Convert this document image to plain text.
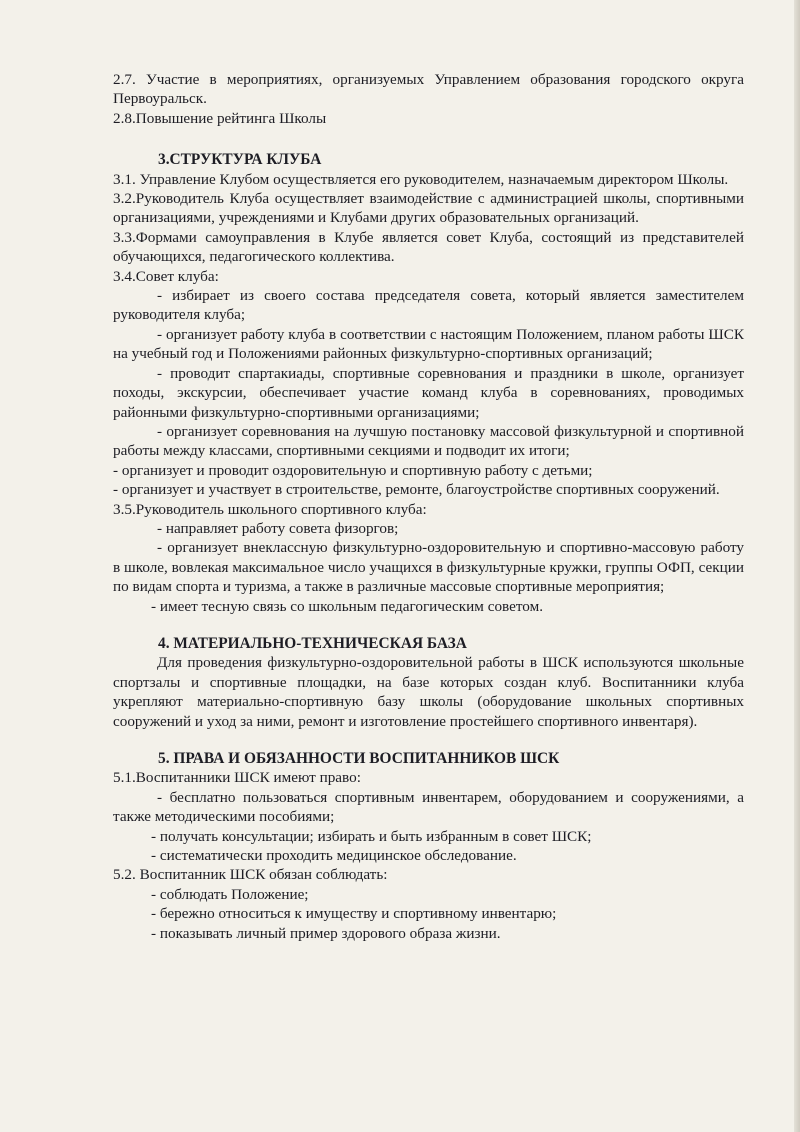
2.7. Участие в мероприятиях, организуемых Управлением образования городского округа Первоуральск.

2.8.Повышение рейтинга Школы

3.СТРУКТУРА КЛУБА

3.1. Управление Клубом осуществляется его руководителем, назначаемым директором Школы.

3.2.Руководитель Клуба осуществляет взаимодействие с администрацией школы, спортивными организациями, учреждениями и Клубами других образовательных организаций.

3.3.Формами самоуправления в Клубе является совет Клуба, состоящий из представителей обучающихся, педагогического коллектива.

3.4.Совет клуба:

- избирает из своего состава председателя совета, который является заместителем руководителя клуба;

- организует работу клуба в соответствии с настоящим Положением, планом работы ШСК на учебный год и Положениями районных физкультурно-спортивных организаций;

- проводит спартакиады, спортивные соревнования и праздники в школе, организует походы, экскурсии, обеспечивает участие команд клуба в соревнованиях, проводимых районными физкультурно-спортивными организациями;

- организует соревнования на лучшую постановку массовой физкультурной и спортивной работы между классами, спортивными секциями и подводит их итоги;

- организует и проводит оздоровительную и спортивную работу с детьми;

- организует и участвует в строительстве, ремонте, благоустройстве спортивных сооружений.

3.5.Руководитель школьного спортивного клуба:

- направляет работу совета физоргов;

- организует внеклассную физкультурно-оздоровительную и спортивно-массовую работу в школе, вовлекая максимальное число учащихся в физкультурные кружки, группы ОФП, секции по видам спорта и туризма, а также в различные массовые спортивные мероприятия;

- имеет тесную связь со школьным педагогическим советом.

4. МАТЕРИАЛЬНО-ТЕХНИЧЕСКАЯ БАЗА

Для проведения физкультурно-оздоровительной работы в ШСК используются школьные спортзалы и спортивные площадки, на базе которых создан клуб. Воспитанники клуба укрепляют материально-спортивную базу школы (оборудование школьных спортивных сооружений и уход за ними, ремонт и изготовление простейшего спортивного инвентаря).

5. ПРАВА И ОБЯЗАННОСТИ ВОСПИТАННИКОВ ШСК

5.1.Воспитанники ШСК имеют право:

- бесплатно пользоваться спортивным инвентарем, оборудованием и сооружениями, а также методическими пособиями;

- получать консультации; избирать и быть избранным в совет ШСК;

- систематически проходить медицинское обследование.

5.2. Воспитанник ШСК обязан соблюдать:

- соблюдать Положение;

- бережно относиться к имуществу и спортивному инвентарю;

- показывать личный пример здорового образа жизни.
